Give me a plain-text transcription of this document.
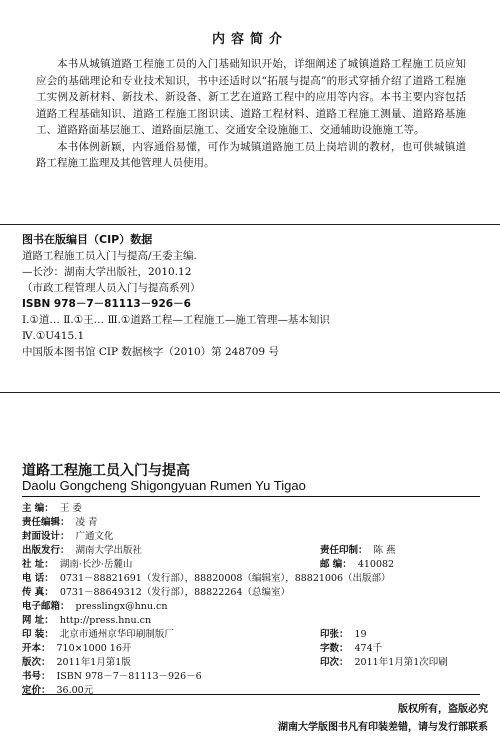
内容简介

本书从城镇道路工程施工员的入门基础知识开始，详细阐述了城镇道路工程施工员应知应会的基础理论和专业技术知识，书中还适时以“拓展与提高”的形式穿插介绍了道路工程施工实例及新材料、新技术、新设备、新工艺在道路工程中的应用等内容。本书主要内容包括道路工程基础知识、道路工程施工图识读、道路工程材料、道路工程施工测量、道路路基施工、道路路面基层施工、道路面层施工、交通安全设施施工、交通辅助设施施工等。

本书体例新颖，内容通俗易懂，可作为城镇道路施工员上岗培训的教材，也可供城镇道路工程施工监理及其他管理人员使用。

图书在版编目（CIP）数据
道路工程施工员入门与提高/王委主编.
—长沙：湖南大学出版社，2010.12
（市政工程管理人员入门与提高系列）
ISBN 978－7－81113－926－6
Ⅰ.①道… Ⅱ.①王… Ⅲ.①道路工程—工程施工—施工管理—基本知识
Ⅳ.①U415.1
中国版本图书馆 CIP 数据核字（2010）第 248709 号
道路工程施工员入门与提高
Daolu Gongcheng Shigongyuan Rumen Yu Tigao
主 编： 王 委
责任编辑： 凌 青
封面设计： 广通文化
出版发行： 湖南大学出版社	责任印制： 陈 燕
社 址： 湖南·长沙·岳麓山	邮 编： 410082
电 话： 0731－88821691（发行部），88820008（编辑室），88821006（出版部）
传 真： 0731－88649312（发行部），88822264（总编室）
电子邮箱： presslingx@hnu.cn
网 址： http://press.hnu.cn
印 装： 北京市通州京华印刷制版厂	印张： 19
开本： 710×1000 16开	字数： 474千
版次： 2011年1月第1版	印次： 2011年1月第1次印刷
书号： ISBN 978－7－81113－926－6
定价： 36.00元
版权所有，盗版必究
湖南大学版图书凡有印装差错，请与发行部联系
